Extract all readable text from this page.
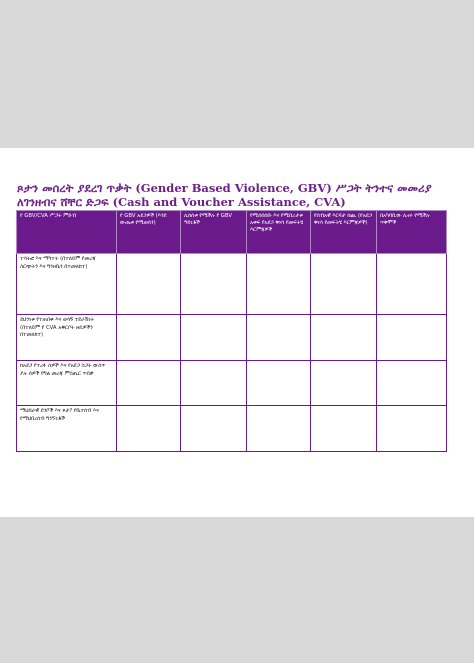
ጾታን መሰረት ያደረገ ጥቃት (Gender Based Violence, GBV) ሥጋት ትንተና መመሪያ ለገንዘብና ሸቸር ድጋፍ (Cash and Voucher Assistance, CVA)
የ GBV/CVA ሥጋት ምድብ	የ GBV አደጋዎች (እንደ ውጤቱ የሚወሰን)	ሊከሰቱ የሚችሉ የ GBV ዓይነቶች	የሚሰበሰቡ እና የሚበረታቱ አቀፍ የአደጋ ቅነሳ የመፍትሄ እርምጃዎች	የሰብአዊ እርዳታ ሰጪ (የአደጋ ቅነሳ የመፍትሄ እርምጃዎች)	በአካባቢው ሊኖሩ የሚችሉ ጥቅሞች
ተሳትፎ እና ማካተት (በተለይም የመረጃ ስርጭትን እና ግንዛቤን በተመለከተ)					
ደህንነቱ የተጠበቀ እና ወሳኝ ተደራሽነት (በተለይም የ CVA አቅርቦት ዘዴዎችን በተመለከተ)					
ከአደጋ የተረፉ ሰዎች እና የአደጋ ስጋት ውስጥ ያሉ ሰዎች የግል መረጃ ምስጢር ጥበቃ					
ማህበራዊ ደንቦች እና ጾታ? የቤተሰብ እና የማህበረሰብ ግንኙነቶች					
